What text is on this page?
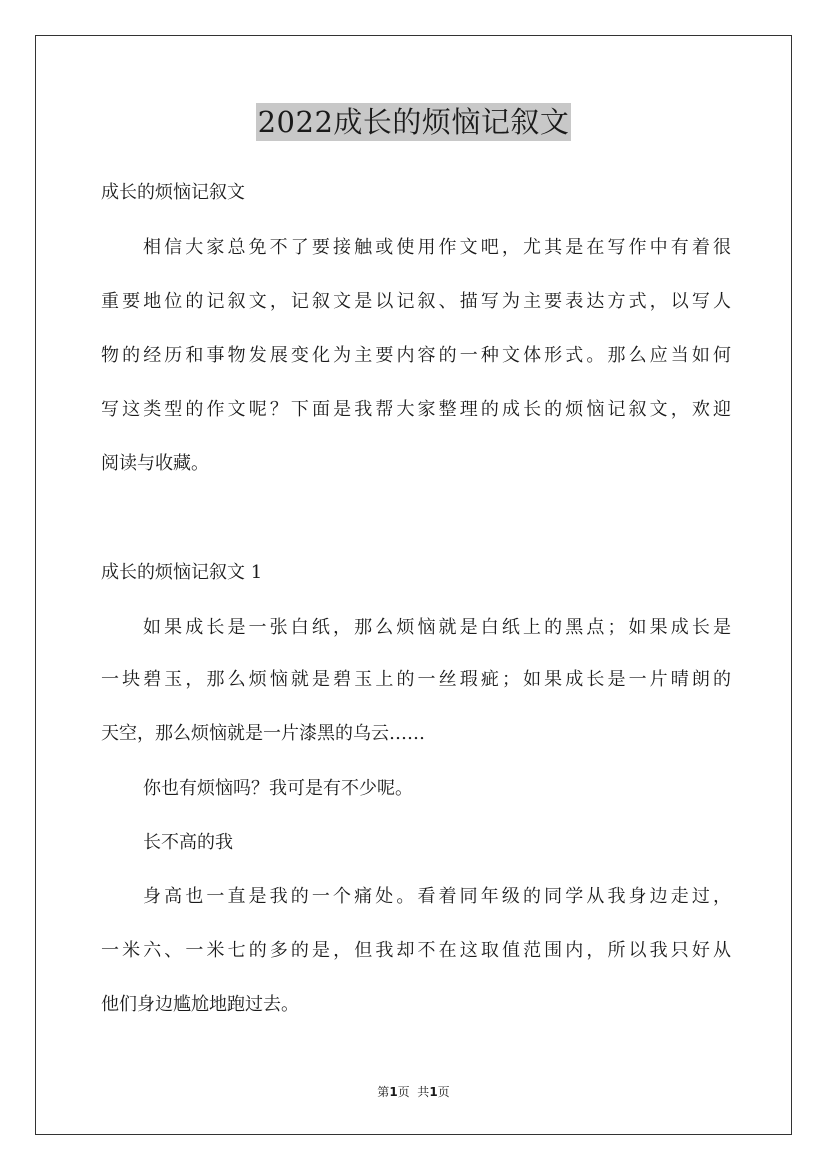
2022成长的烦恼记叙文
成长的烦恼记叙文
相信大家总免不了要接触或使用作文吧，尤其是在写作中有着很
重要地位的记叙文，记叙文是以记叙、描写为主要表达方式，以写人
物的经历和事物发展变化为主要内容的一种文体形式。那么应当如何
写这类型的作文呢？下面是我帮大家整理的成长的烦恼记叙文，欢迎
阅读与收藏。
成长的烦恼记叙文 1
如果成长是一张白纸，那么烦恼就是白纸上的黑点；如果成长是
一块碧玉，那么烦恼就是碧玉上的一丝瑕疵；如果成长是一片晴朗的
天空，那么烦恼就是一片漆黑的乌云……
你也有烦恼吗？我可是有不少呢。
长不高的我
身高也一直是我的一个痛处。看着同年级的同学从我身边走过，
一米六、一米七的多的是，但我却不在这取值范围内，所以我只好从
他们身边尴尬地跑过去。
第1页  共1页
